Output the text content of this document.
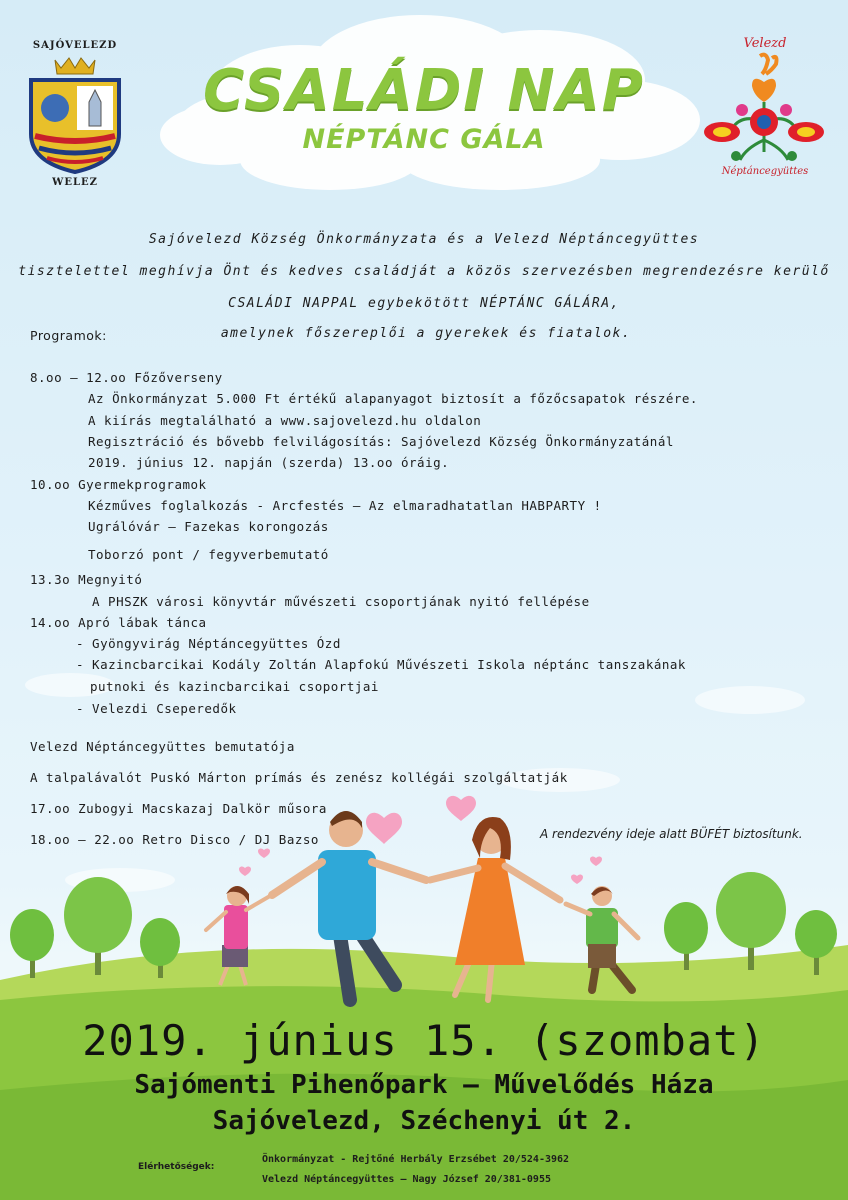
SAJÓVELEZD
WELEZ
Velezd
Néptáncegyüttes
CSALÁDI NAP
NÉPTÁNC GÁLA
Sajóvelezd Község Önkormányzata és a Velezd Néptáncegyüttes
tisztelettel meghívja Önt és kedves családját a közös szervezésben megrendezésre kerülő
CSALÁDI NAPPAL egybekötött NÉPTÁNC GÁLÁRA,
amelynek főszereplői a gyerekek és fiatalok.
Programok:
8.oo – 12.oo Főzőverseny
Az Önkormányzat 5.000 Ft értékű alapanyagot biztosít a főzőcsapatok részére.
A kiírás megtalálható a www.sajovelezd.hu oldalon
Regisztráció és bővebb felvilágosítás: Sajóvelezd Község Önkormányzatánál
2019. június 12. napján (szerda) 13.oo óráig.
10.oo Gyermekprogramok
Kézműves foglalkozás - Arcfestés – Az elmaradhatatlan HABPARTY !
Ugrálóvár – Fazekas korongozás
Toborzó pont / fegyverbemutató
13.3o Megnyitó
A PHSZK városi könyvtár művészeti csoportjának nyitó fellépése
14.oo Apró lábak tánca
- Gyöngyvirág Néptáncegyüttes Ózd
- Kazincbarcikai Kodály Zoltán Alapfokú Művészeti Iskola néptánc tanszakának
putnoki és kazincbarcikai csoportjai
- Velezdi Cseperedők
Velezd Néptáncegyüttes bemutatója
A talpalávalót Puskó Márton prímás és zenész kollégái szolgáltatják
17.oo Zubogyi Macskazaj Dalkör műsora
18.oo – 22.oo Retro Disco / DJ Bazso	A rendezvény ideje alatt BÜFÉT biztosítunk.
2019. június 15. (szombat)
Sajómenti Pihenőpark – Művelődés Háza
Sajóvelezd, Széchenyi út 2.
Elérhetőségek:
Önkormányzat - Rejtőné Herbály Erzsébet 20/524-3962
Velezd Néptáncegyüttes – Nagy József 20/381-0955
